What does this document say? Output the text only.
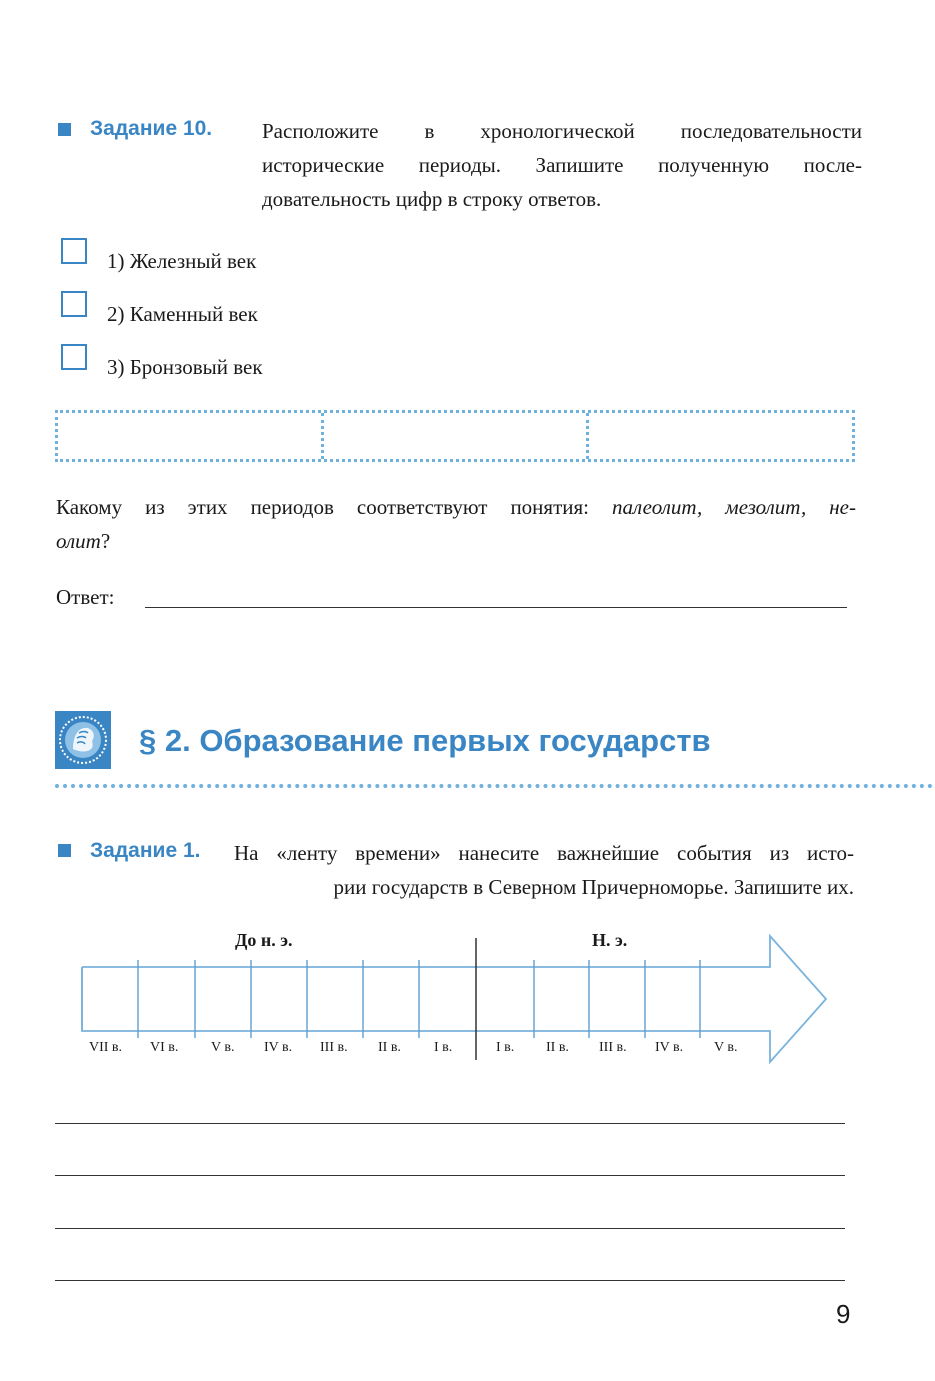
Задание 10. Расположите в хронологической последовательности
исторические периоды. Запишите полученную после-
довательность цифр в строку ответов.
1) Железный век
2) Каменный век
3) Бронзовый век
Какому из этих периодов соответствуют понятия: палеолит, мезолит, не-
олит?
Ответ:
§ 2. Образование первых государств
Задание 1. На «ленту времени» нанесите важнейшие события из исто-
рии государств в Северном Причерноморье. Запишите их.
До н. э.	Н. э.
VII в. VI в. V в. IV в. III в. II в. I в.	I в. II в. III в. IV в. V в.
9
